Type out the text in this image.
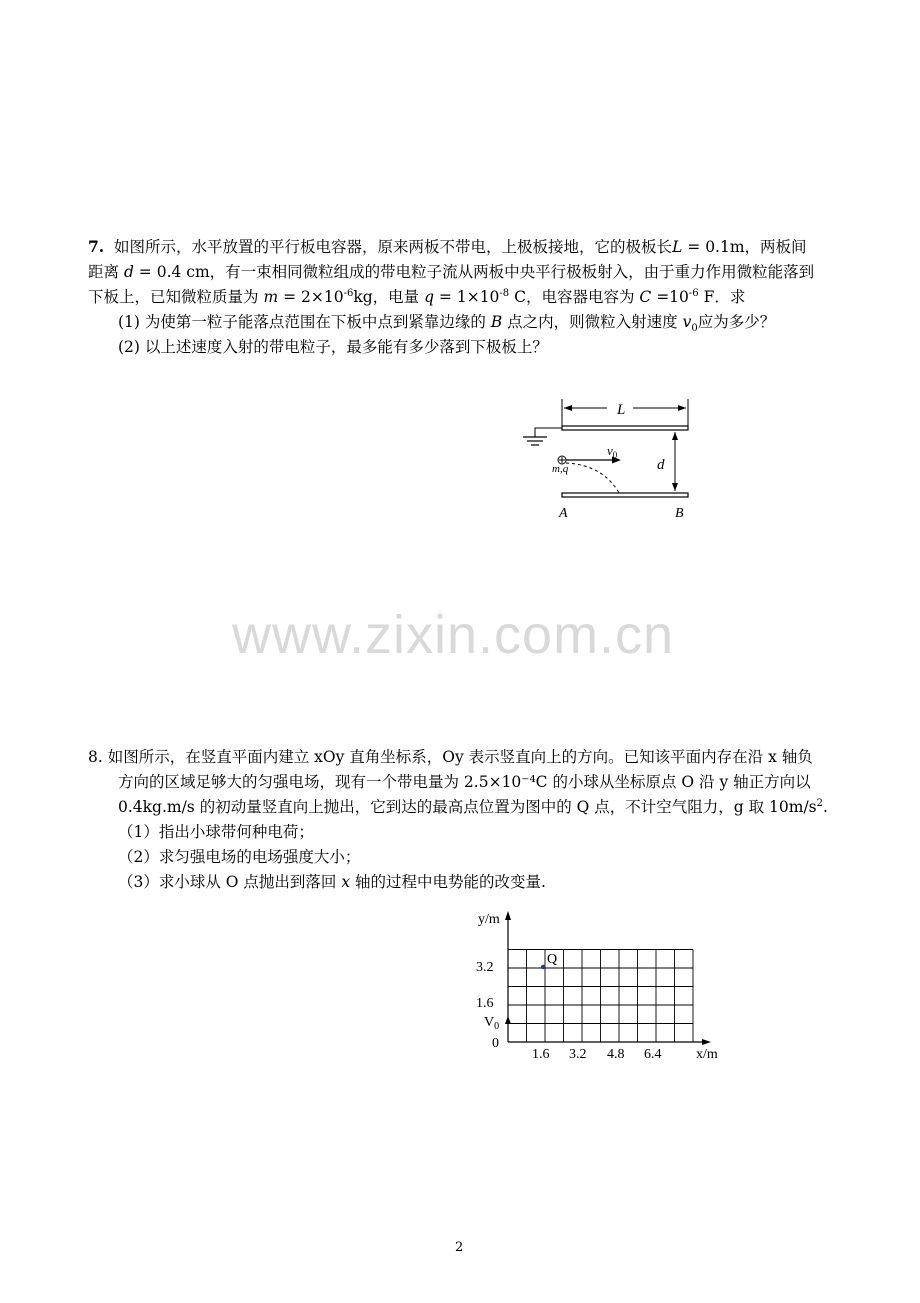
7. 如图所示，水平放置的平行板电容器，原来两板不带电，上极板接地，它的极板长L = 0.1m，两板间
距离 d = 0.4 cm，有一束相同微粒组成的带电粒子流从两板中央平行极板射入，由于重力作用微粒能落到
下板上，已知微粒质量为 $m = 2\times 10^{-6}kg$，电量 $q = 1\times 10^{-8}$ C，电容器电容为 $C =10^{-6}$ F．求
(1) 为使第一粒子能落点范围在下板中点到紧靠边缘的 B 点之内，则微粒入射速度 $v_0$应为多少？
(2) 以上述速度入射的带电粒子，最多能有多少落到下极板上？
L
d
$v_0$
m,q
A	B
www.zixin.com.cn
8. 如图所示，在竖直平面内建立 xOy 直角坐标系，Oy 表示竖直向上的方向。已知该平面内存在沿 x 轴负
方向的区域足够大的匀强电场，现有一个带电量为 2.5×10⁻⁴C 的小球从坐标原点 O 沿 y 轴正方向以
0.4kg.m/s 的初动量竖直向上抛出，它到达的最高点位置为图中的 Q 点，不计空气阻力，g 取 $10m/s^2$.
（1）指出小球带何种电荷；
（2）求匀强电场的电场强度大小；
（3）求小球从 O 点抛出到落回 x 轴的过程中电势能的改变量.
y/m
x/m
3.2
1.6
0
$V_0$
1.6 3.2 4.8 6.4
Q
2
